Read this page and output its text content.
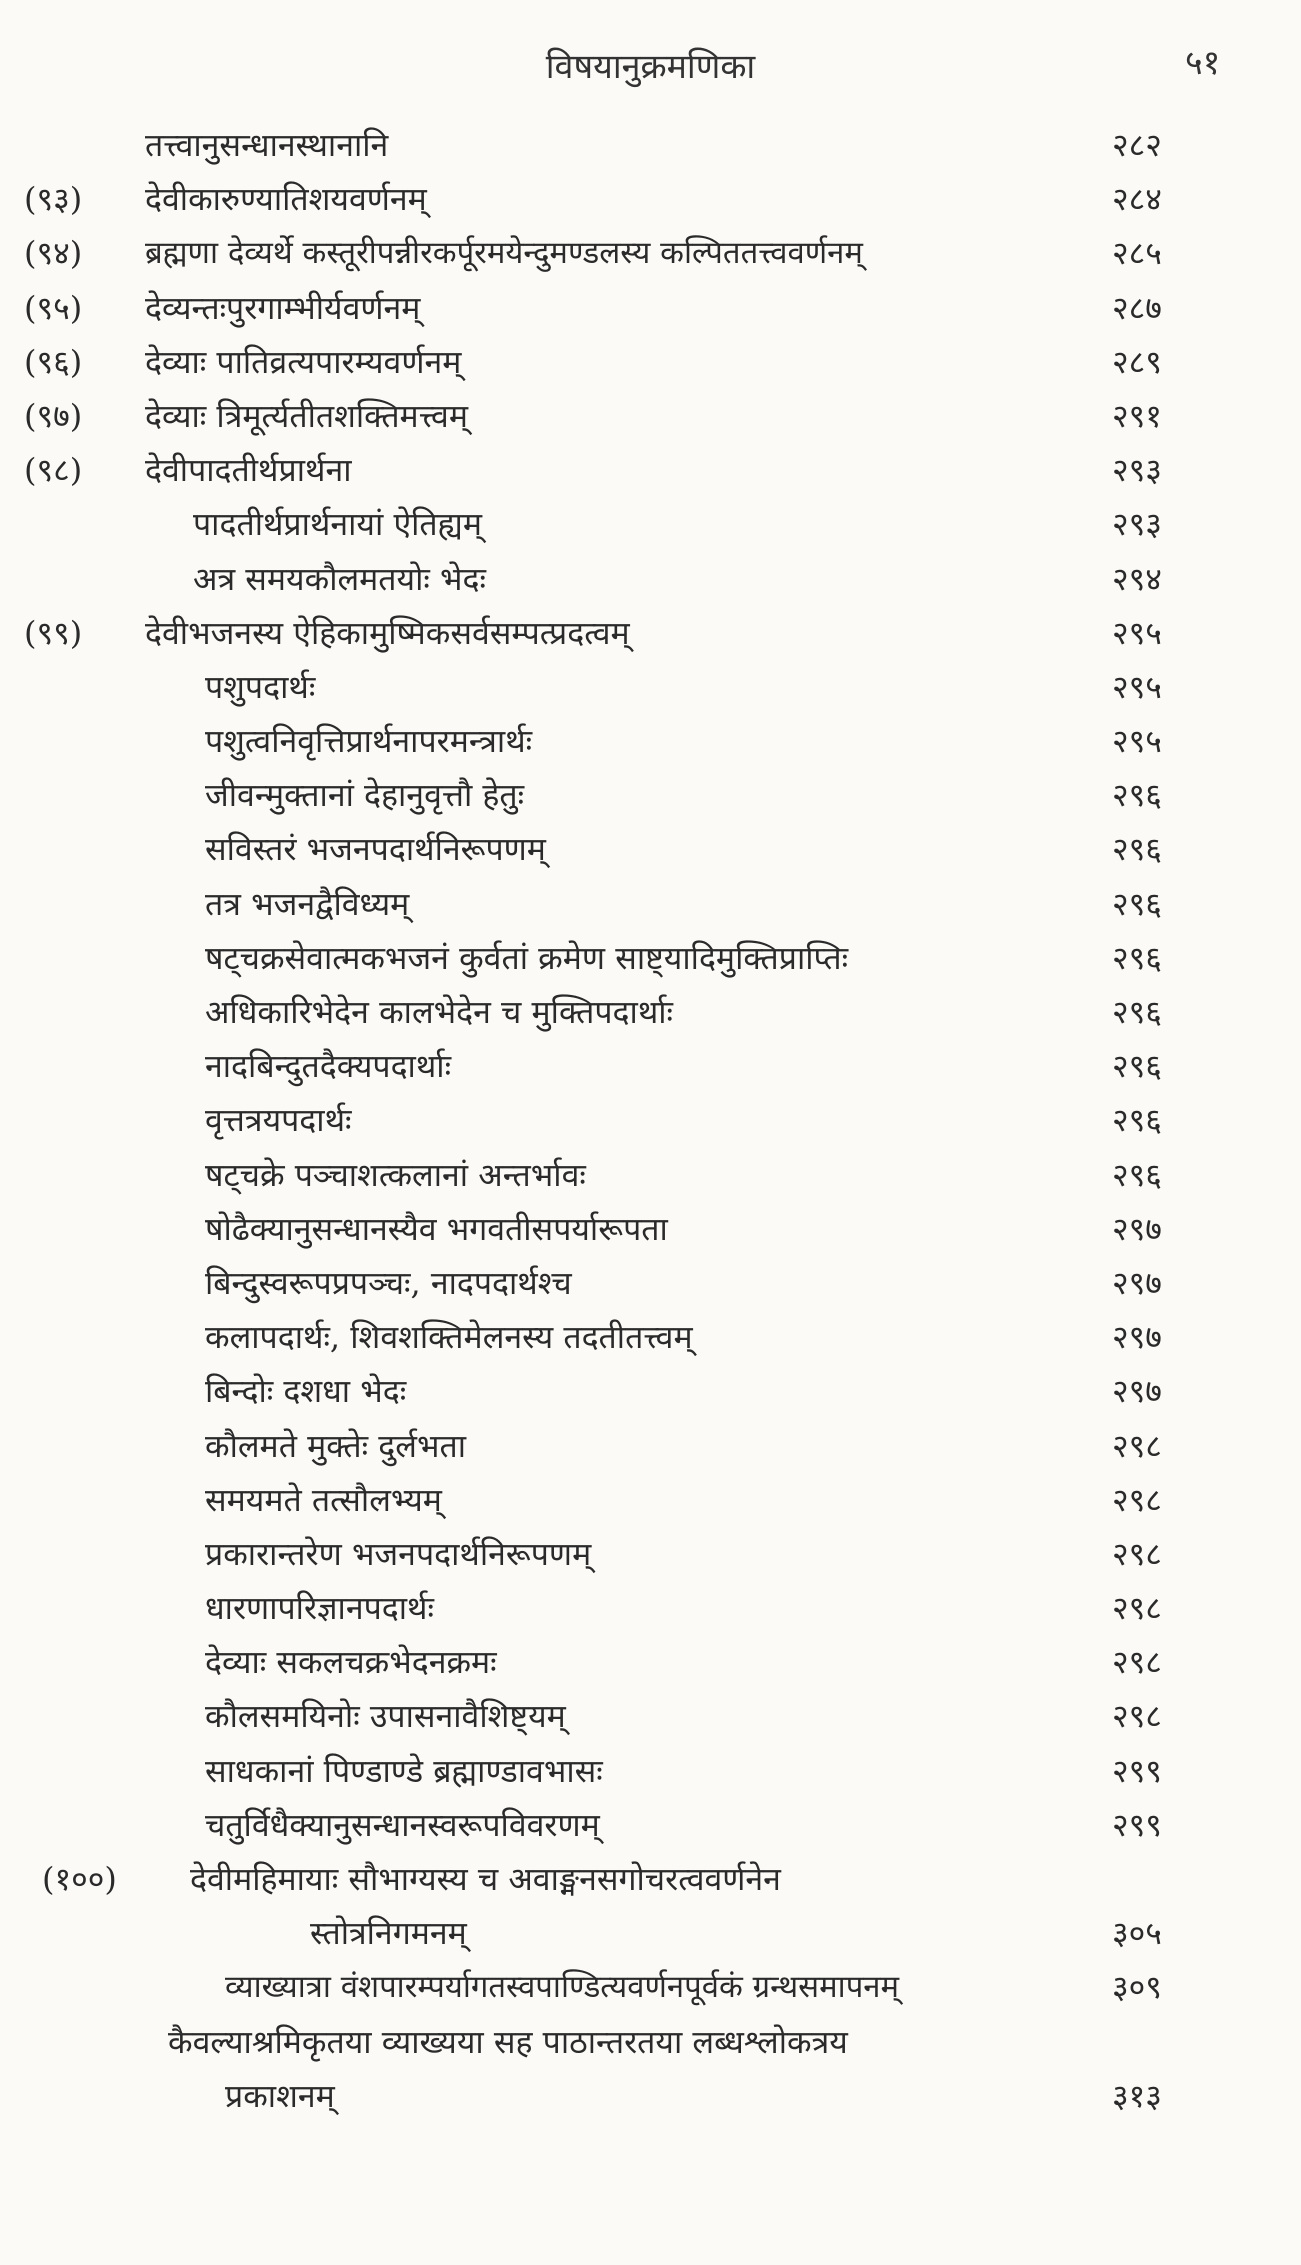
विषयानुक्रमणिका	५१
तत्त्वानुसन्धानस्थानानि	२८२
(९३) देवीकारुण्यातिशयवर्णनम्	२८४
(९४) ब्रह्मणा देव्यर्थे कस्तूरीपन्नीरकर्पूरमयेन्दुमण्डलस्य कल्पिततत्त्ववर्णनम्	२८५
(९५) देव्यन्तःपुरगाम्भीर्यवर्णनम्	२८७
(९६) देव्याः पातिव्रत्यपारम्यवर्णनम्	२८९
(९७) देव्याः त्रिमूर्त्यतीतशक्तिमत्त्वम्	२९१
(९८) देवीपादतीर्थप्रार्थना	२९३
पादतीर्थप्रार्थनायां ऐतिह्यम्	२९३
अत्र समयकौलमतयोः भेदः	२९४
(९९) देवीभजनस्य ऐहिकामुष्मिकसर्वसम्पत्प्रदत्वम्	२९५
पशुपदार्थः	२९५
पशुत्वनिवृत्तिप्रार्थनापरमन्त्रार्थः	२९५
जीवन्मुक्तानां देहानुवृत्तौ हेतुः	२९६
सविस्तरं भजनपदार्थनिरूपणम्	२९६
तत्र भजनद्वैविध्यम्	२९६
षट्चक्रसेवात्मकभजनं कुर्वतां क्रमेण साष्ट्यादिमुक्तिप्राप्तिः	२९६
अधिकारिभेदेन कालभेदेन च मुक्तिपदार्थाः	२९६
नादबिन्दुतदैक्यपदार्थाः	२९६
वृत्तत्रयपदार्थः	२९६
षट्चक्रे पञ्चाशत्कलानां अन्तर्भावः	२९६
षोढैक्यानुसन्धानस्यैव भगवतीसपर्यारूपता	२९७
बिन्दुस्वरूपप्रपञ्चः, नादपदार्थश्च	२९७
कलापदार्थः, शिवशक्तिमेलनस्य तदतीतत्त्वम्	२९७
बिन्दोः दशधा भेदः	२९७
कौलमते मुक्तेः दुर्लभता	२९८
समयमते तत्सौलभ्यम्	२९८
प्रकारान्तरेण भजनपदार्थनिरूपणम्	२९८
धारणापरिज्ञानपदार्थः	२९८
देव्याः सकलचक्रभेदनक्रमः	२९८
कौलसमयिनोः उपासनावैशिष्ट्यम्	२९८
साधकानां पिण्डाण्डे ब्रह्माण्डावभासः	२९९
चतुर्विधैक्यानुसन्धानस्वरूपविवरणम्	२९९
(१००) देवीमहिमायाः सौभाग्यस्य च अवाङ्मनसगोचरत्ववर्णनेन
स्तोत्रनिगमनम्	३०५
व्याख्यात्रा वंशपारम्पर्यागतस्वपाण्डित्यवर्णनपूर्वकं ग्रन्थसमापनम्	३०९
कैवल्याश्रमिकृतया व्याख्यया सह पाठान्तरतया लब्धश्लोकत्रय
प्रकाशनम्	३१३
